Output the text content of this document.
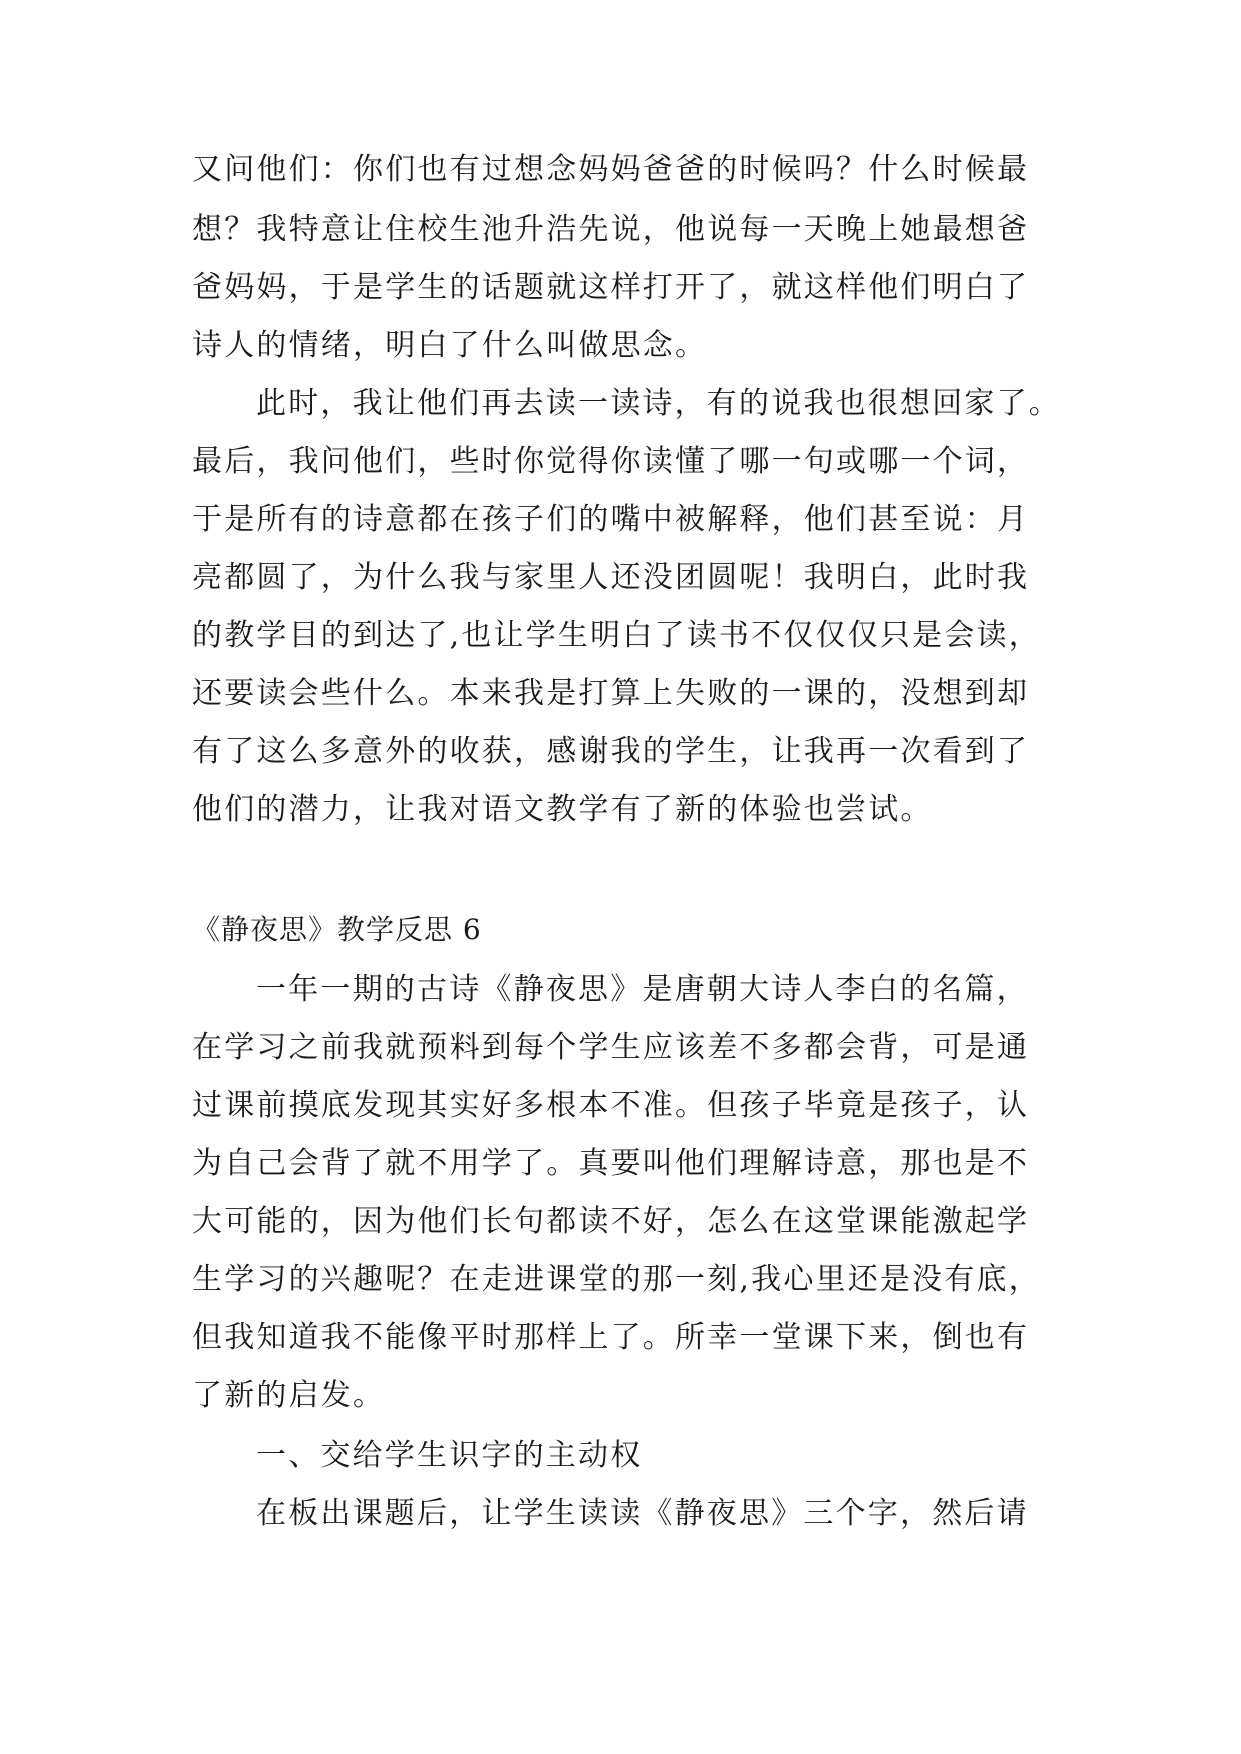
又问他们：你们也有过想念妈妈爸爸的时候吗？什么时候最
想？我特意让住校生池升浩先说，他说每一天晚上她最想爸
爸妈妈，于是学生的话题就这样打开了，就这样他们明白了
诗人的情绪，明白了什么叫做思念。
此时，我让他们再去读一读诗，有的说我也很想回家了。
最后，我问他们，些时你觉得你读懂了哪一句或哪一个词，
于是所有的诗意都在孩子们的嘴中被解释，他们甚至说：月
亮都圆了，为什么我与家里人还没团圆呢！我明白，此时我
的教学目的到达了,也让学生明白了读书不仅仅仅只是会读，
还要读会些什么。本来我是打算上失败的一课的，没想到却
有了这么多意外的收获，感谢我的学生，让我再一次看到了
他们的潜力，让我对语文教学有了新的体验也尝试。
《静夜思》教学反思 6
一年一期的古诗《静夜思》是唐朝大诗人李白的名篇，
在学习之前我就预料到每个学生应该差不多都会背，可是通
过课前摸底发现其实好多根本不准。但孩子毕竟是孩子，认
为自己会背了就不用学了。真要叫他们理解诗意，那也是不
大可能的，因为他们长句都读不好，怎么在这堂课能激起学
生学习的兴趣呢？在走进课堂的那一刻,我心里还是没有底，
但我知道我不能像平时那样上了。所幸一堂课下来，倒也有
了新的启发。
一、交给学生识字的主动权
在板出课题后，让学生读读《静夜思》三个字，然后请
